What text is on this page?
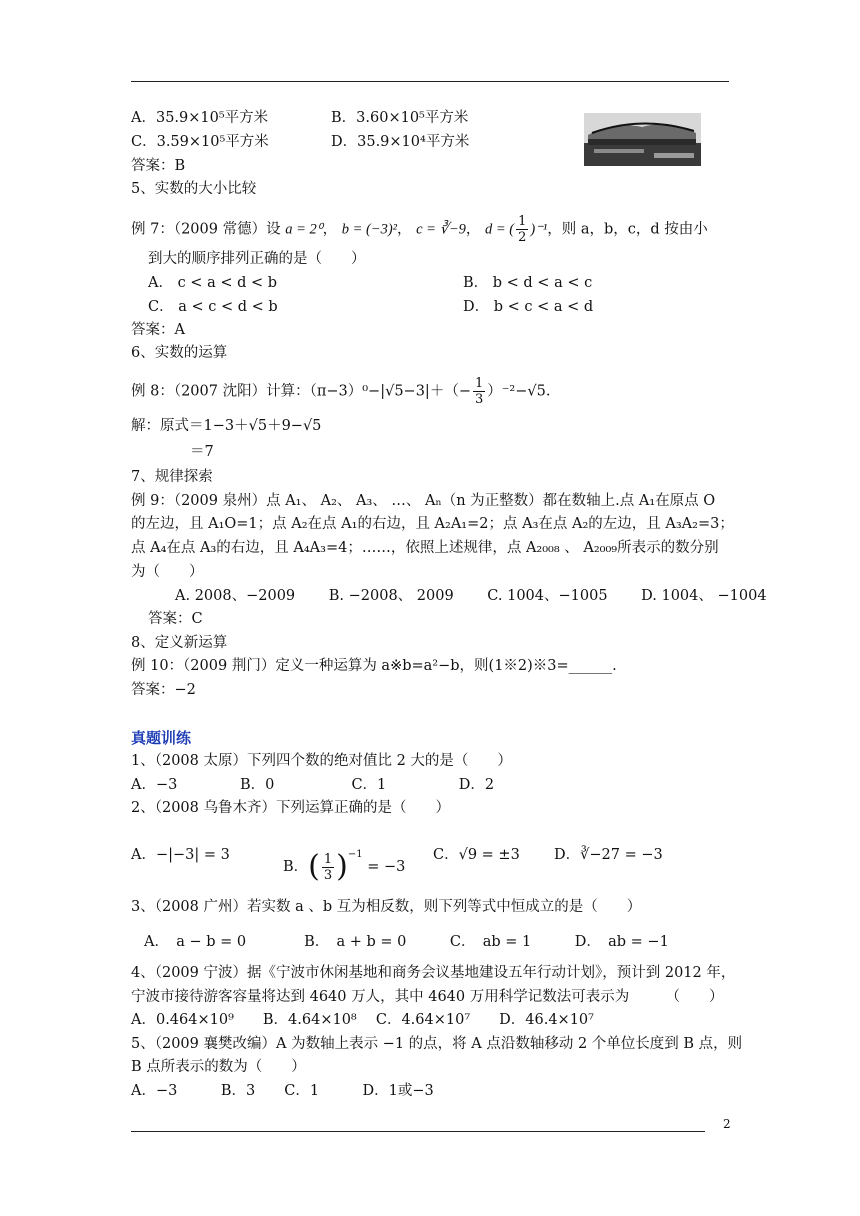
A．35.9×10⁵平方米	B．3.60×10⁵平方米
C．3.59×10⁵平方米	D．35.9×10⁴平方米
答案：B
5、实数的大小比较
例 7：（2009 常德）设 a = 2⁰， b = (−3)²， c = ∛−9， d = ( $\frac{1}{2} )^{-1}$，则 a，b，c，d 按由小
到大的顺序排列正确的是（　　）
A． c < a < d < b	B． b < d < a < c
C． a < c < d < b	D． b < c < a < d
答案：A
6、实数的运算
例 8：（2007 沈阳）计算：$(\pi-3)^0-|√5-3|+(- \frac{1}{3} )^{-2}-√5$.
解：原式＝1−3＋√5＋9−√5
＝7
7、规律探索
例 9：（2009 泉州）点 A₁、 A₂、 A₃、 …、 Aₙ（n 为正整数）都在数轴上.点 A₁在原点 O
的左边，且 A₁O=1；点 A₂在点 A₁的右边，且 A₂A₁=2；点 A₃在点 A₂的左边，且 A₃A₂=3；
点 A₄在点 A₃的右边，且 A₄A₃=4；……，依照上述规律，点 A₂₀₀₈ 、 A₂₀₀₉所表示的数分别
为（　　）
A. 2008、−2009　　 B. −2008、 2009　　 C. 1004、−1005　　 D. 1004、 −1004
答案：C
8、定义新运算
例 10：（2009 荆门）定义一种运算为 a※b=a²−b，则(1※2)※3=______.
答案：−2
真题训练
1、（2008 太原）下列四个数的绝对值比 2 大的是（　　）
A．−3　　　　 B．0　　　　　 C．1　　　　　D．2
2、（2008 乌鲁木齐）下列运算正确的是（　　）
A．−|−3| = 3
B．( $\frac{1}{3} )^{-1} = -3$
C．√9 = ±3 D．∛−27 = −3
3、（2008 广州）若实数 a 、b 互为相反数，则下列等式中恒成立的是（　　）
A．　a − b = 0　　　　B．　a + b = 0　　　C．　ab = 1　　　D．　ab = −1
4、（2009 宁波）据《宁波市休闲基地和商务会议基地建设五年行动计划》，预计到 2012 年，
宁波市接待游客容量将达到 4640 万人，其中 4640 万用科学记数法可表示为　　　（　　）
A．0.464×10⁹　　B．4.64×10⁸　 C．4.64×10⁷　　D．46.4×10⁷
5、（2009 襄樊改编）A 为数轴上表示 −1 的点，将 A 点沿数轴移动 2 个单位长度到 B 点，则
B 点所表示的数为（　　）
A．−3　　　B．3　　C．1　　　D．1或−3
2
